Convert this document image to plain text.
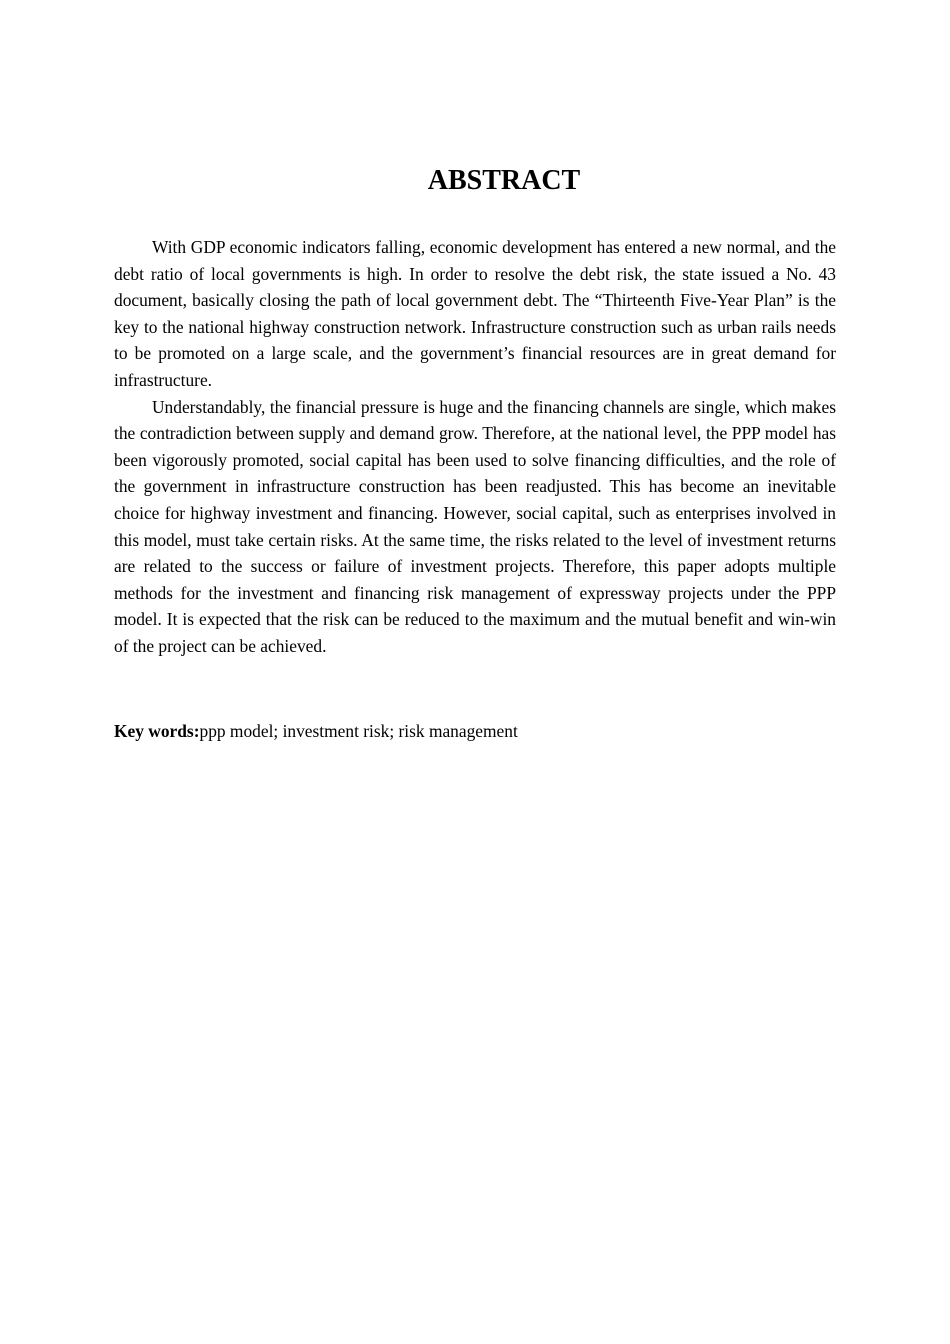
ABSTRACT

With GDP economic indicators falling, economic development has entered a new normal, and the debt ratio of local governments is high. In order to resolve the debt risk, the state issued a No. 43 document, basically closing the path of local government debt. The “Thirteenth Five-Year Plan” is the key to the national highway construction network. Infrastructure construction such as urban rails needs to be promoted on a large scale, and the government’s financial resources are in great demand for infrastructure.

Understandably, the financial pressure is huge and the financing channels are single, which makes the contradiction between supply and demand grow. Therefore, at the national level, the PPP model has been vigorously promoted, social capital has been used to solve financing difficulties, and the role of the government in infrastructure construction has been readjusted. This has become an inevitable choice for highway investment and financing. However, social capital, such as enterprises involved in this model, must take certain risks. At the same time, the risks related to the level of investment returns are related to the success or failure of investment projects. Therefore, this paper adopts multiple methods for the investment and financing risk management of expressway projects under the PPP model. It is expected that the risk can be reduced to the maximum and the mutual benefit and win-win of the project can be achieved.

Key words:ppp model; investment risk; risk management
